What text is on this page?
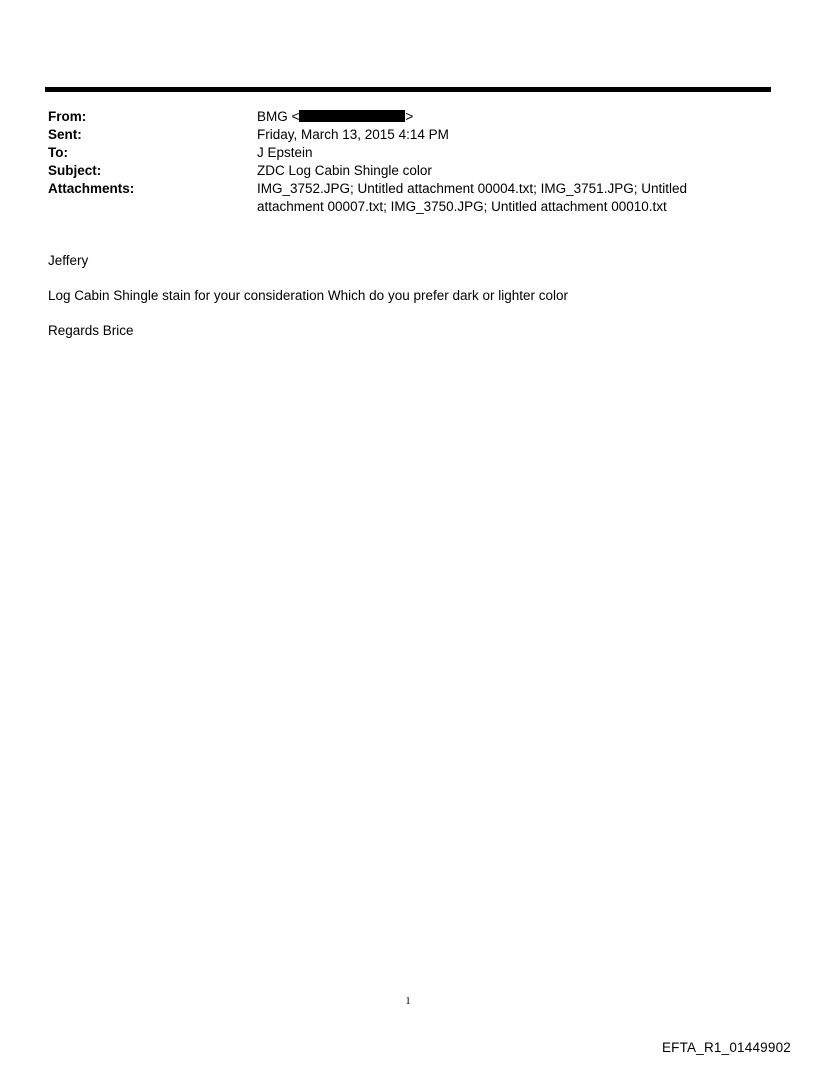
From:	BMG <	>
Sent:	Friday, March 13, 2015 4:14 PM
To:	J Epstein
Subject:	ZDC Log Cabin Shingle color
Attachments:	IMG_3752.JPG; Untitled attachment 00004.txt; IMG_3751.JPG; Untitled attachment 00007.txt; IMG_3750.JPG; Untitled attachment 00010.txt

Jeffery

Log Cabin Shingle stain for your consideration Which do you prefer dark or lighter color

Regards Brice

1
EFTA_R1_01449902
